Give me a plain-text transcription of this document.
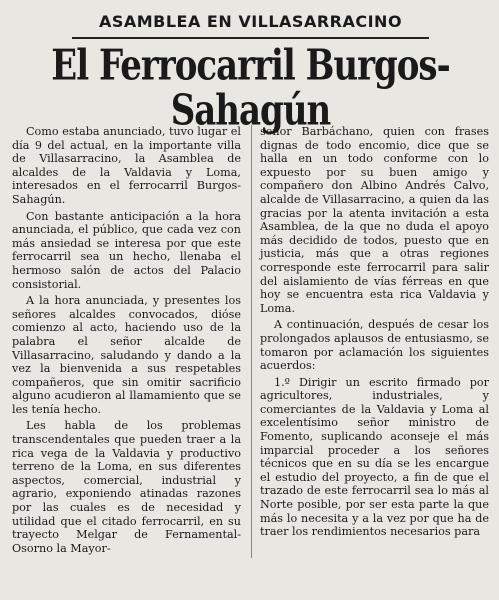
ASAMBLEA EN VILLASARRACINO
El Ferrocarril Burgos-Sahagún

Como estaba anunciado, tuvo lugar el día 9 del actual, en la importante villa de Villasarracino, la Asamblea de alcaldes de la Valdavia y Loma, interesados en el ferrocarril Burgos-Sahagún.

Con bastante anticipación a la hora anunciada, el público, que cada vez con más ansiedad se interesa por que este ferrocarril sea un hecho, llenaba el hermoso salón de actos del Palacio consistorial.

A la hora anunciada, y presentes los señores alcaldes convocados, dióse comienzo al acto, haciendo uso de la palabra el señor alcalde de Villasarracino, saludando y dando a la vez la bienvenida a sus respetables compañeros, que sin omitir sacrificio alguno acudieron al llamamiento que se les tenía hecho.

Les habla de los problemas transcendentales que pueden traer a la rica vega de la Valdavia y productivo terreno de la Loma, en sus diferentes aspectos, comercial, industrial y agrario, exponiendo atinadas razones por las cuales es de necesidad y utilidad que el citado ferrocarril, en su trayecto Melgar de Fernamental-Osorno la Mayor-

señor Barbáchano, quien con frases dignas de todo encomio, dice que se halla en un todo conforme con lo expuesto por su buen amigo y compañero don Albino Andrés Calvo, alcalde de Villasarracino, a quien da las gracias por la atenta invitación a esta Asamblea, de la que no duda el apoyo más decidido de todos, puesto que en justicia, más que a otras regiones corresponde este ferrocarril para salir del aislamiento de vías férreas en que hoy se encuentra esta rica Valdavia y Loma.

A continuación, después de cesar los prolongados aplausos de entusiasmo, se tomaron por aclamación los siguientes acuerdos:

1.º Dirigir un escrito firmado por agricultores, industriales, y comerciantes de la Valdavia y Loma al excelentísimo señor ministro de Fomento, suplicando aconseje el más imparcial proceder a los señores técnicos que en su día se les encargue el estudio del proyecto, a fin de que el trazado de este ferrocarril sea lo más al Norte posible, por ser esta parte la que más lo necesita y a la vez por que ha de traer los rendimientos necesarios para
